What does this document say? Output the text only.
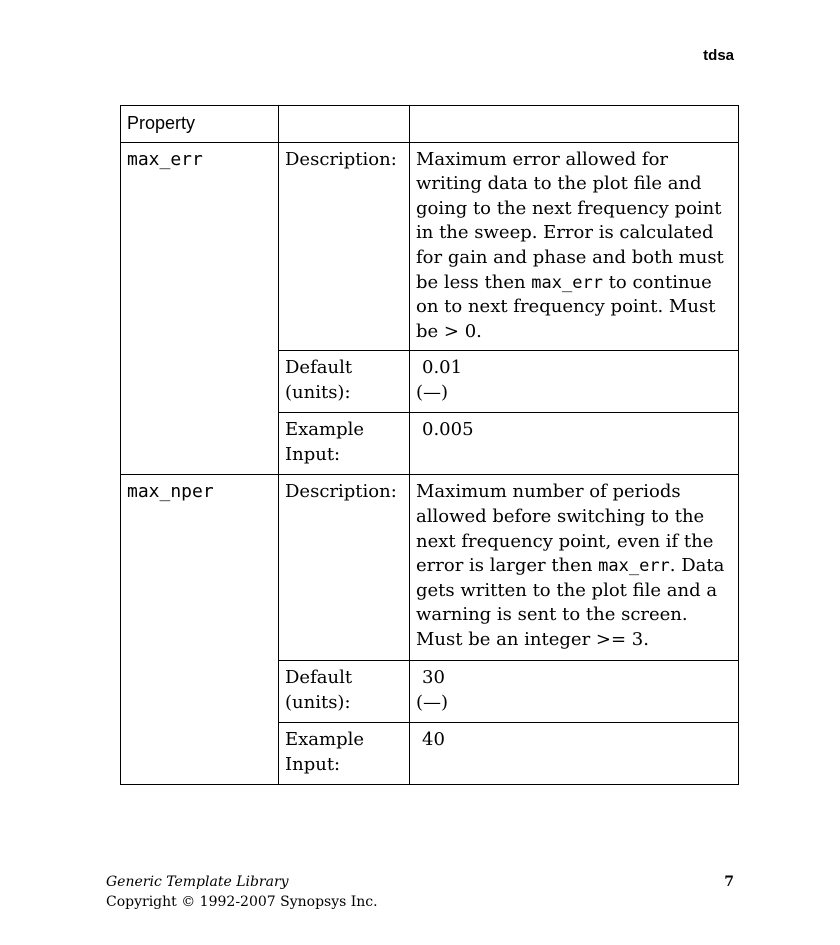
tdsa
Property		
max_err	Description:	Maximum error allowed for writing data to the plot file and going to the next frequency point in the sweep. Error is calculated for gain and phase and both must be less then max_err to continue on to next frequency point. Must be > 0.
	Default (units):	0.01
(—)

	Example Input:	0.005

max_nper	Description:	Maximum number of periods allowed before switching to the next frequency point, even if the error is larger then max_err. Data gets written to the plot file and a warning is sent to the screen. Must be an integer >= 3.
	Default (units):	30
(—)

	Example Input:	40
Generic Template Library
Copyright © 1992-2007 Synopsys Inc.
7
